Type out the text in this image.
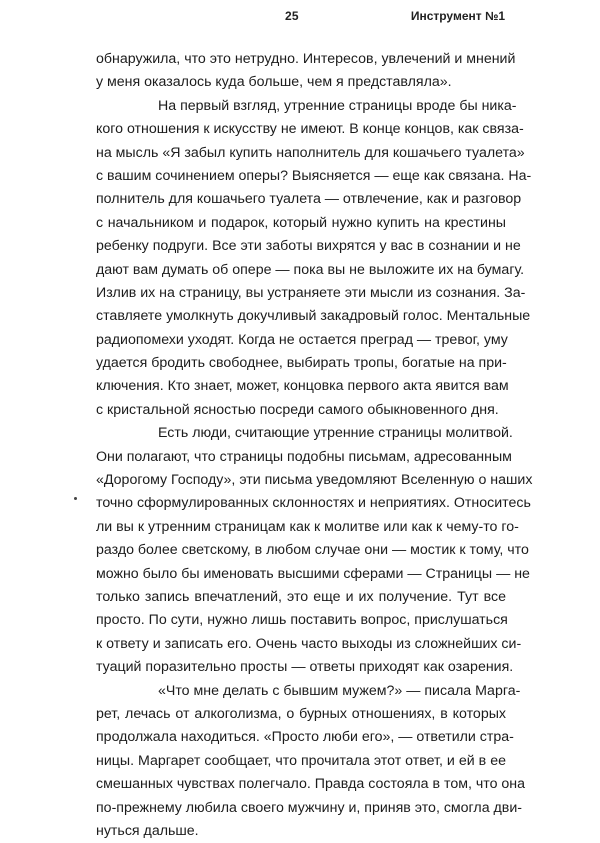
25	Инструмент №1
обнаружила, что это нетрудно. Интересов, увлечений и мнений
у меня оказалось куда больше, чем я представляла».
На первый взгляд, утренние страницы вроде бы ника-
кого отношения к искусству не имеют. В конце концов, как связа-
на мысль «Я забыл купить наполнитель для кошачьего туалета»
с вашим сочинением оперы? Выясняется — еще как связана. На-
полнитель для кошачьего туалета — отвлечение, как и разговор
с начальником и подарок, который нужно купить на крестины
ребенку подруги. Все эти заботы вихрятся у вас в сознании и не
дают вам думать об опере — пока вы не выложите их на бумагу.
Излив их на страницу, вы устраняете эти мысли из сознания. За-
ставляете умолкнуть докучливый закадровый голос. Ментальные
радиопомехи уходят. Когда не остается преград — тревог, уму
удается бродить свободнее, выбирать тропы, богатые на при-
ключения. Кто знает, может, концовка первого акта явится вам
с кристальной ясностью посреди самого обыкновенного дня.
Есть люди, считающие утренние страницы молитвой.
Они полагают, что страницы подобны письмам, адресованным
«Дорогому Господу», эти письма уведомляют Вселенную о наших
точно сформулированных склонностях и неприятиях. Относитесь
ли вы к утренним страницам как к молитве или как к чему-то го-
раздо более светскому, в любом случае они — мостик к тому, что
можно было бы именовать высшими сферами — Страницы — не
только запись впечатлений, это еще и их получение. Тут все
просто. По сути, нужно лишь поставить вопрос, прислушаться
к ответу и записать его. Очень часто выходы из сложнейших си-
туаций поразительно просты — ответы приходят как озарения.
«Что мне делать с бывшим мужем?» — писала Марга-
рет, лечась от алкоголизма, о бурных отношениях, в которых
продолжала находиться. «Просто люби его», — ответили стра-
ницы. Маргарет сообщает, что прочитала этот ответ, и ей в ее
смешанных чувствах полегчало. Правда состояла в том, что она
по-прежнему любила своего мужчину и, приняв это, смогла дви-
нуться дальше.
